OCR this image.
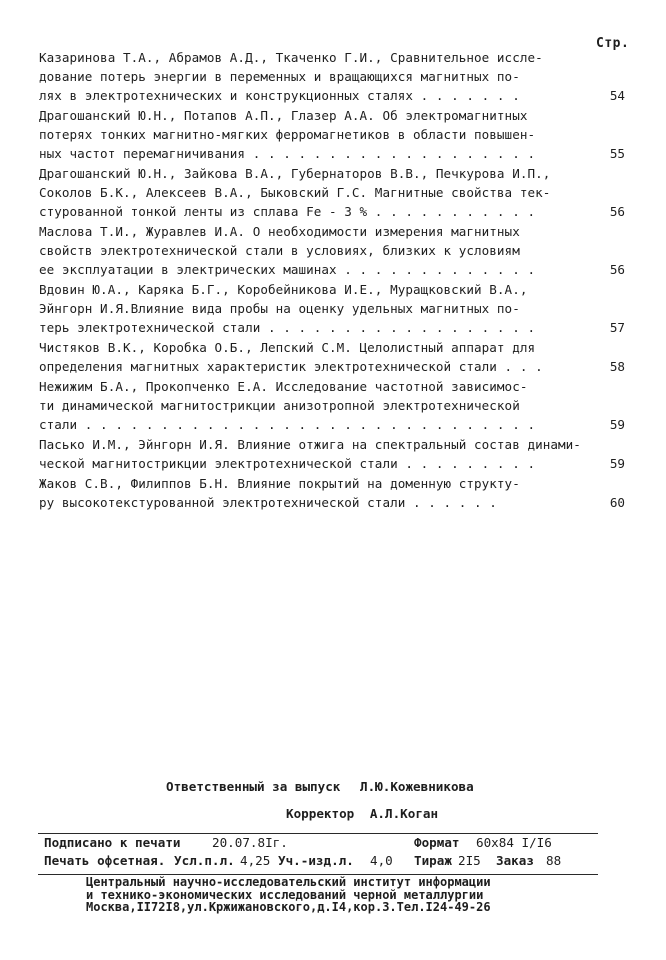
Стр.
Казаринова Т.А., Абрамов А.Д., Ткаченко Г.И., Сравнительное иссле-
дование потерь энергии в переменных и вращающихся магнитных по-
лях в электротехнических и конструкционных сталях . . . . . . .	54
Драгошанский Ю.Н., Потапов А.П., Глазер А.А. Об электромагнитных
потерях тонких магнитно-мягких ферромагнетиков в области повышен-
ных частот перемагничивания . . . . . . . . . . . . . . . . . . .	55
Драгошанский Ю.Н., Зайкова В.А., Губернаторов В.В., Печкурова И.П.,
Соколов Б.К., Алексеев В.А., Быковский Г.С. Магнитные свойства тек-
стурованной тонкой ленты из сплава Fe - 3 % . . . . . . . . . . .	56
Маслова Т.И., Журавлев И.А. О необходимости измерения магнитных
свойств электротехнической стали в условиях, близких к условиям
ее эксплуатации в электрических машинах . . . . . . . . . . . . .	56
Вдовин Ю.А., Карякa Б.Г., Коробейникова И.Е., Муращковский В.А.,
Эйнгорн И.Я.Влияние вида пробы на оценку удельных магнитных по-
терь электротехнической стали . . . . . . . . . . . . . . . . . .	57
Чистяков В.К., Коробка О.Б., Лепский С.М. Целолистный аппарат для
определения магнитных характеристик электротехнической стали . . .	58
Нежижим Б.А., Прокопченко Е.А. Исследование частотной зависимос-
ти динамической магнитострикции анизотропной электротехнической
стали . . . . . . . . . . . . . . . . . . . . . . . . . . . . . .	59
Пасько И.М., Эйнгорн И.Я. Влияние отжига на спектральный состав динами-
ческой магнитострикции электротехнической стали . . . . . . . . .	59
Жаков С.В., Филиппов Б.Н. Влияние покрытий на доменную структу-
ру высокотекстурованной электротехнической стали . . . . . .	60
Ответственный за выпуск Л.Ю.Кожевникова
Корректор А.Л.Коган
Подписано к печати	20.07.8Iг.	Формат 60x84 I/I6
Печать офсетная. Усл.п.л. 4,25 Уч.-изд.л. 4,0 Тираж 2I5 Заказ 88
Центральный научно-исследовательский институт информации
и технико-экономических исследований черной металлургии
Москва,II72I8,ул.Кржижановского,д.I4,кор.3.Тел.I24-49-26
